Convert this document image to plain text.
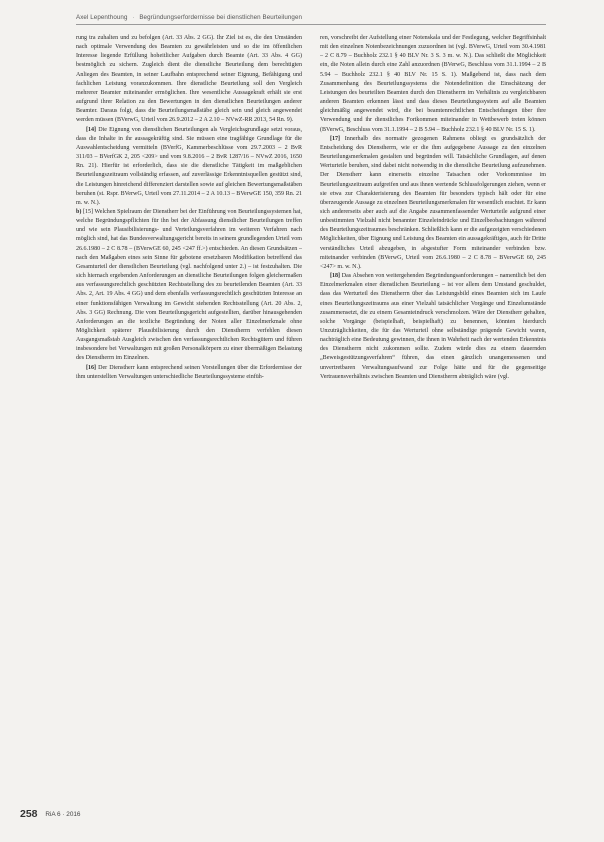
Axel Lepenthoung · Begründungserfordernisse bei dienstlichen Beurteilungen

rung tra zuhalten und zu befolgen (Art. 33 Abs. 2 GG). Ihr Ziel ist es, die den Umständen nach optimale Verwendung des Beamten zu gewährleisten und so die im öffentlichen Interesse liegende Erfüllung hoheitlicher Aufgaben durch Beamte (Art. 33 Abs. 4 GG) bestmöglich zu sichern. Zugleich dient die dienstliche Beurteilung dem berechtigten Anliegen des Beamten, in seiner Laufbahn entsprechend seiner Eignung, Befähigung und fachlichen Leistung voranzukommen. Ihre dienstliche Beurteilung soll den Vergleich mehrerer Beamter miteinander ermöglichen. Ihre wesentliche Aussagekraft erhält sie erst aufgrund ihrer Relation zu den Bewertungen in den dienstlichen Beurteilungen anderer Beamter. Daraus folgt, dass die Beurteilungsmaßstäbe gleich sein und gleich angewendet werden müssen (BVerwG, Urteil vom 26.9.2012 – 2 A 2.10 – NVwZ-RR 2013, 54 Rn. 9).

[14] Die Eignung von dienstlichen Beurteilungen als Vergleichsgrundlage setzt voraus, dass die Inhalte in ihr aussagekräftig sind. Sie müssen eine tragfähige Grundlage für die Auswahlentscheidung vermitteln (BVerfG, Kammerbeschlüsse vom 29.7.2003 – 2 BvR 311/03 – BVerfGK 2, 205 <209> und vom 9.8.2016 – 2 BvR 1287/16 – NVwZ 2016, 1650 Rn. 21). Hierfür ist erforderlich, dass sie die dienstliche Tätigkeit im maßgeblichen Beurteilungszeitraum vollständig erfassen, auf zuverlässige Erkenntnisquellen gestützt sind, die Leistungen hinreichend differenziert darstellen sowie auf gleichen Bewertungsmaßstäben beruhen (st. Rspr. BVerwG, Urteil vom 27.11.2014 – 2 A 10.13 – BVerwGE 150, 359 Rn. 21 m. w. N.).

b) [15] Welchen Spielraum der Dienstherr bei der Einführung von Beurteilungssystemen hat, welche Begründungspflichten für ihn bei der Abfassung dienstlicher Beurteilungen treffen und wie sein Plausibilisierungs- und Verteilungsverfahren im weiteren Verfahren nach möglich sind, hat das Bundesverwaltungsgericht bereits in seinem grundlegenden Urteil vom 26.6.1980 – 2 C 8.78 – (BVerwGE 60, 245 <247 ff.>) entschieden. An diesen Grundsätzen – nach den Maßgaben eines sein Sinne für gebotene ersetzbaren Modifikation betreffend das Gesamturteil der dienstlichen Beurteilung (vgl. nachfolgend unter 2.) – ist festzuhalten. Die sich hiernach ergebenden Anforderungen an dienstliche Beurteilungen folgen gleichermaßen aus verfassungsrechtlich geschützten Rechtsstellung des zu beurteilenden Beamten (Art. 33 Abs. 2, Art. 19 Abs. 4 GG) und dem ebenfalls verfassungsrechtlich geschützten Interesse an einer funktionsfähigen Verwaltung im Gewicht stehenden Rechtsstellung (Art. 20 Abs. 2, Abs. 3 GG) Rechnung. Die vom Beurteilungsgericht aufgestellten, darüber hinausgehenden Anforderungen an die textliche Begründung der Noten aller Einzelmerkmale ohne Möglichkeit späterer Plausibilisierung durch den Dienstherrn verfehlen diesen Ausgangsmaßstab Ausgleich zwischen den verfassungsrechtlichen Rechtsgütern und führen insbesondere bei Verwaltungen mit großen Personalkörpern zu einer übermäßigen Belastung des Dienstherrn im Einzelnen.

[16] Der Dienstherr kann entsprechend seinen Vorstellungen über die Erfordernisse der ihm unterstellten Verwaltungen unterschiedliche Beurteilungssysteme einfüh-

ren, vorschreibt der Aufstellung einer Notenskala und der Festlegung, welcher Begriffsinhalt mit den einzelnen Notenbezeichnungen zuzuordnen ist (vgl. BVerwG, Urteil vom 30.4.1981 – 2 C 8.79 – Buchholz 232.1 § 40 BLV Nr. 3 S. 3 m. w. N.). Das schließt die Möglichkeit ein, die Noten allein durch eine Zahl anzuordnen (BVerwG, Beschluss vom 31.1.1994 – 2 B 5.94 – Buchholz 232.1 § 40 BLV Nr. 15 S. 1). Maßgebend ist, dass nach dem Zusammenhang des Beurteilungssystems die Notendefinition die Einschätzung der Leistungen des beurteilten Beamten durch den Dienstherrn im Verhältnis zu vergleichbaren anderen Beamten erkennen lässt und dass dieses Beurteilungssystem auf alle Beamten gleichmäßig angewendet wird, die bei beamtenrechtlichen Entscheidungen über ihre Verwendung und ihr dienstliches Fortkommen miteinander in Wettbewerb treten können (BVerwG, Beschluss vom 31.1.1994 – 2 B 5.94 – Buchholz 232.1 § 40 BLV Nr. 15 S. 1).

[17] Innerhalb des normativ gezogenen Rahmens obliegt es grundsätzlich der Entscheidung des Dienstherrn, wie er die ihm aufgegebene Aussage zu den einzelnen Beurteilungsmerkmalen gestalten und begründen will. Tatsächliche Grundlagen, auf denen Werturteile beruhen, sind dabei nicht notwendig in die dienstliche Beurteilung aufzunehmen. Der Dienstherr kann einerseits einzelne Tatsachen oder Vorkommnisse im Beurteilungszeitraum aufgreifen und aus ihnen wertende Schlussfolgerungen ziehen, wenn er sie etwa zur Charakterisierung des Beamten für besonders typisch hält oder für eine überzeugende Aussage zu einzelnen Beurteilungsmerkmalen für wesentlich erachtet. Er kann sich andererseits aber auch auf die Angabe zusammenfassender Werturteile aufgrund einer unbestimmten Vielzahl nicht benannter Einzeleindrücke und Einzelbeobachtungen während des Beurteilungszeitraumes beschränken. Schließlich kann er die aufgezeigten verschiedenen Möglichkeiten, über Eignung und Leistung des Beamten ein aussagekräftiges, auch für Dritte verständliches Urteil abzugeben, in abgestufter Form miteinander verbinden bzw. miteinander verbinden (BVerwG, Urteil vom 26.6.1980 – 2 C 8.78 – BVerwGE 60, 245 <247> m. w. N.).

[18] Das Absehen von weitergehenden Begründungsanforderungen – namentlich bei den Einzelmerkmalen einer dienstlichen Beurteilung – ist vor allem dem Umstand geschuldet, dass das Werturteil des Dienstherrn über das Leistungsbild eines Beamten sich im Laufe eines Beurteilungszeitraums aus einer Vielzahl tatsächlicher Vorgänge und Einzelumstände zusammensetzt, die zu einem Gesamteindruck verschmolzen. Wäre der Dienstherr gehalten, solche Vorgänge (beispielhaft, beispielhaft) zu benennen, könnten hierdurch Unzuträglichkeiten, die für das Werturteil ohne selbständige prägende Gewicht waren, nachträglich eine Bedeutung gewinnen, die ihnen in Wahrheit nach der wertenden Erkenntnis des Dienstherrn nicht zukommen sollte. Zudem würde dies zu einem dauernden „Beweisgestützungsverfahren“ führen, das einen gänzlich unangemessenen und unvertretbaren Verwaltungsaufwand zur Folge hätte und für die gegenseitige Vertrauensverhältnis zwischen Beamten und Dienstherrn abträglich wäre (vgl.

258 RiA 6 · 2016
